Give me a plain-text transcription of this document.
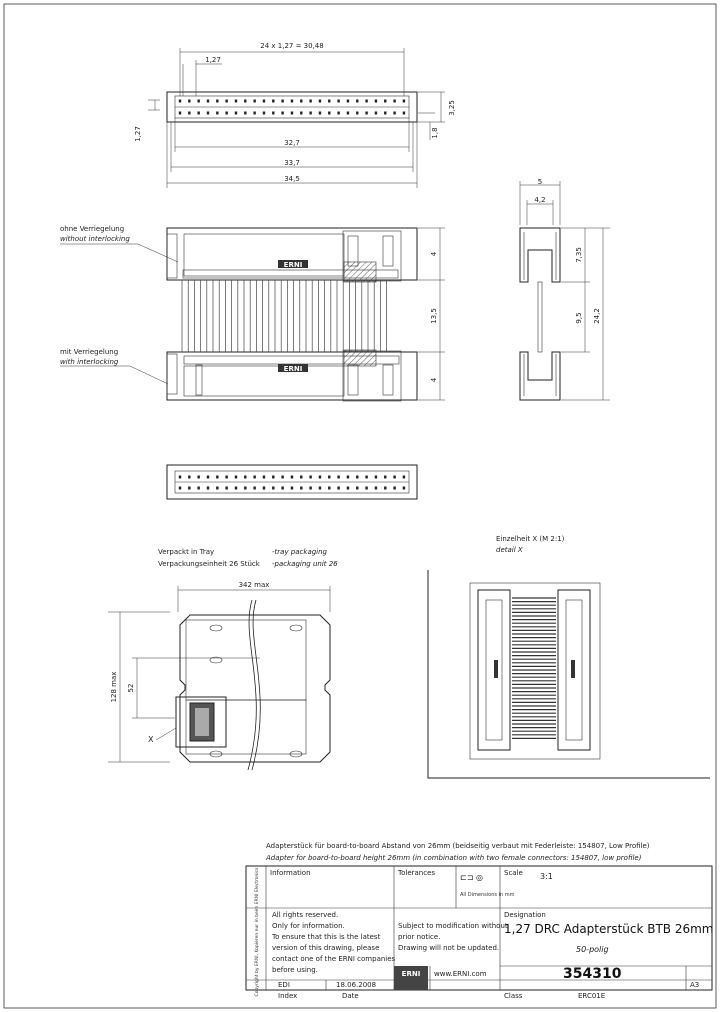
24 x 1,27 = 30,48
1,27
1,27
3,25
1,8
32,7
33,7
34,5
ERNI
ERNI
4
13,5
4
ohne Verriegelung
without interlocking
mit Verriegelung
with interlocking
5
4,2
7,35
9,5 24,2
Verpackt in Tray	-tray packaging
Verpackungseinheit 26 Stück -packaging unit 26
342 max
128 max 52
X
Einzelheit X (M 2:1)
detail X
Adapterstück für board-to-board Abstand von 26mm (beidseitig verbaut mit Federleiste: 154807, Low Profile)
Adapter for board-to-board height 26mm (in combination with two female connectors: 154807, low profile)
ERNI
Copyright by ERNI, Kopieren nur in beim ERNI Electronics Information	Tolerances	Scale 3:1
⊏⊐ ◎
All Dimensions in mm
All rights reserved.
Only for information.
To ensure that this is the latest
version of this drawing, please
contact one of the ERNI companies
before using.
Subject to modification without
prior notice.
Drawing will not be updated.
Designation
1,27 DRC Adapterstück BTB 26mm
50-polig
www.ERNI.com	354310
A3
EDI	18.06.2008
Index	Date	Class	ERC01E
